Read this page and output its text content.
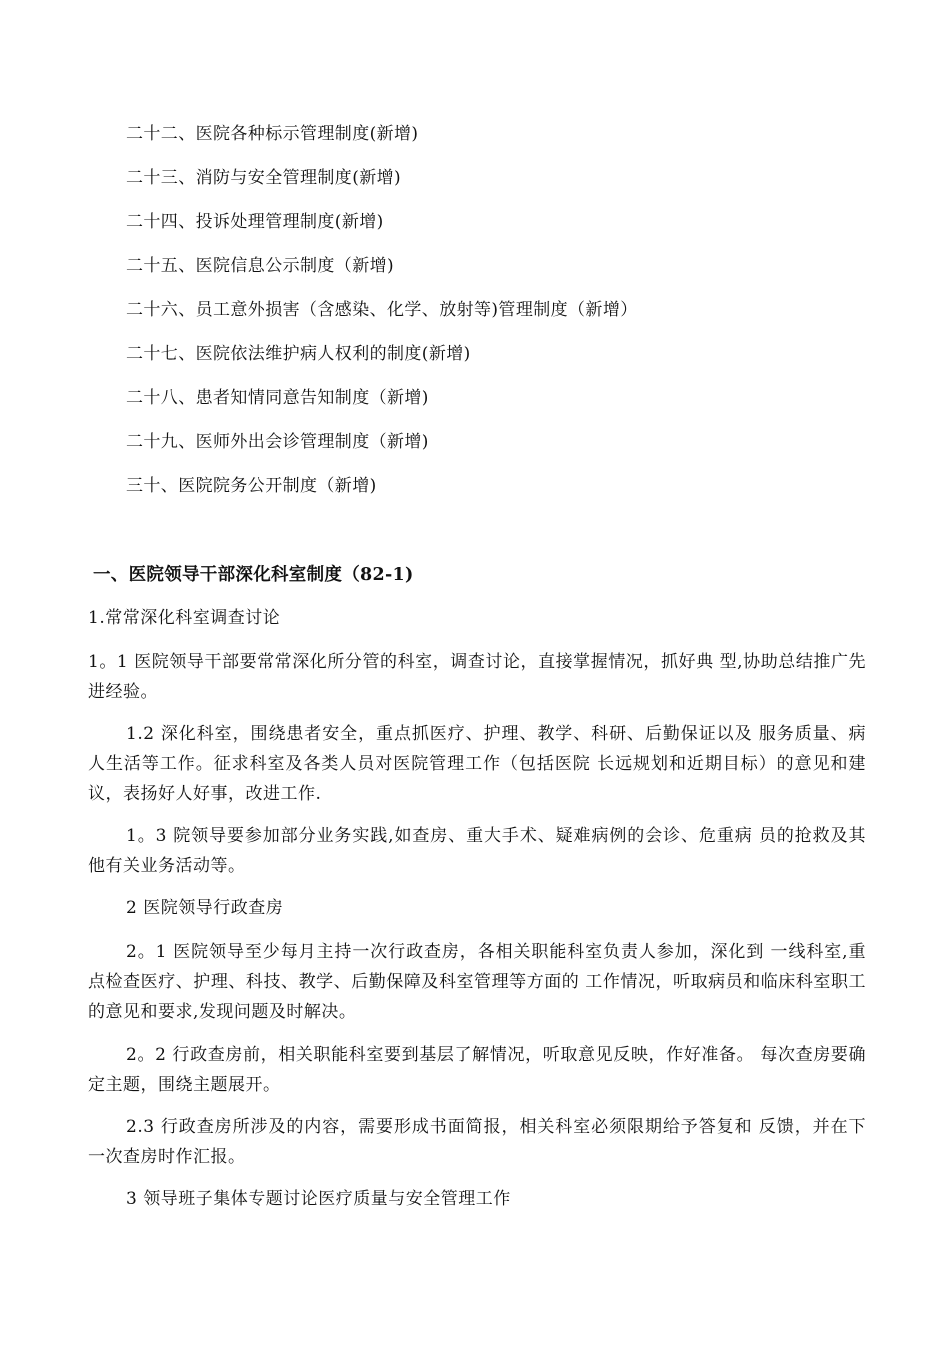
二十二、医院各种标示管理制度(新增)
二十三、消防与安全管理制度(新增)
二十四、投诉处理管理制度(新增)
二十五、医院信息公示制度（新增)
二十六、员工意外损害（含感染、化学、放射等)管理制度（新增）
二十七、医院依法维护病人权利的制度(新增)
二十八、患者知情同意告知制度（新增)
二十九、医师外出会诊管理制度（新增)
三十、医院院务公开制度（新增)
一、医院领导干部深化科室制度（82-1)
1.常常深化科室调查讨论
1。1 医院领导干部要常常深化所分管的科室，调查讨论，直接掌握情况，抓好典 型,协助总结推广先进经验。
1.2 深化科室，围绕患者安全，重点抓医疗、护理、教学、科研、后勤保证以及 服务质量、病人生活等工作。征求科室及各类人员对医院管理工作（包括医院 长远规划和近期目标）的意见和建议，表扬好人好事，改进工作.
1。3 院领导要参加部分业务实践,如查房、重大手术、疑难病例的会诊、危重病 员的抢救及其他有关业务活动等。
2 医院领导行政查房
2。1 医院领导至少每月主持一次行政查房，各相关职能科室负责人参加，深化到 一线科室,重点检查医疗、护理、科技、教学、后勤保障及科室管理等方面的 工作情况，听取病员和临床科室职工的意见和要求,发现问题及时解决。
2。2 行政查房前，相关职能科室要到基层了解情况，听取意见反映，作好准备。 每次查房要确定主题，围绕主题展开。
2.3 行政查房所涉及的内容，需要形成书面简报，相关科室必须限期给予答复和 反馈，并在下一次查房时作汇报。
3 领导班子集体专题讨论医疗质量与安全管理工作
